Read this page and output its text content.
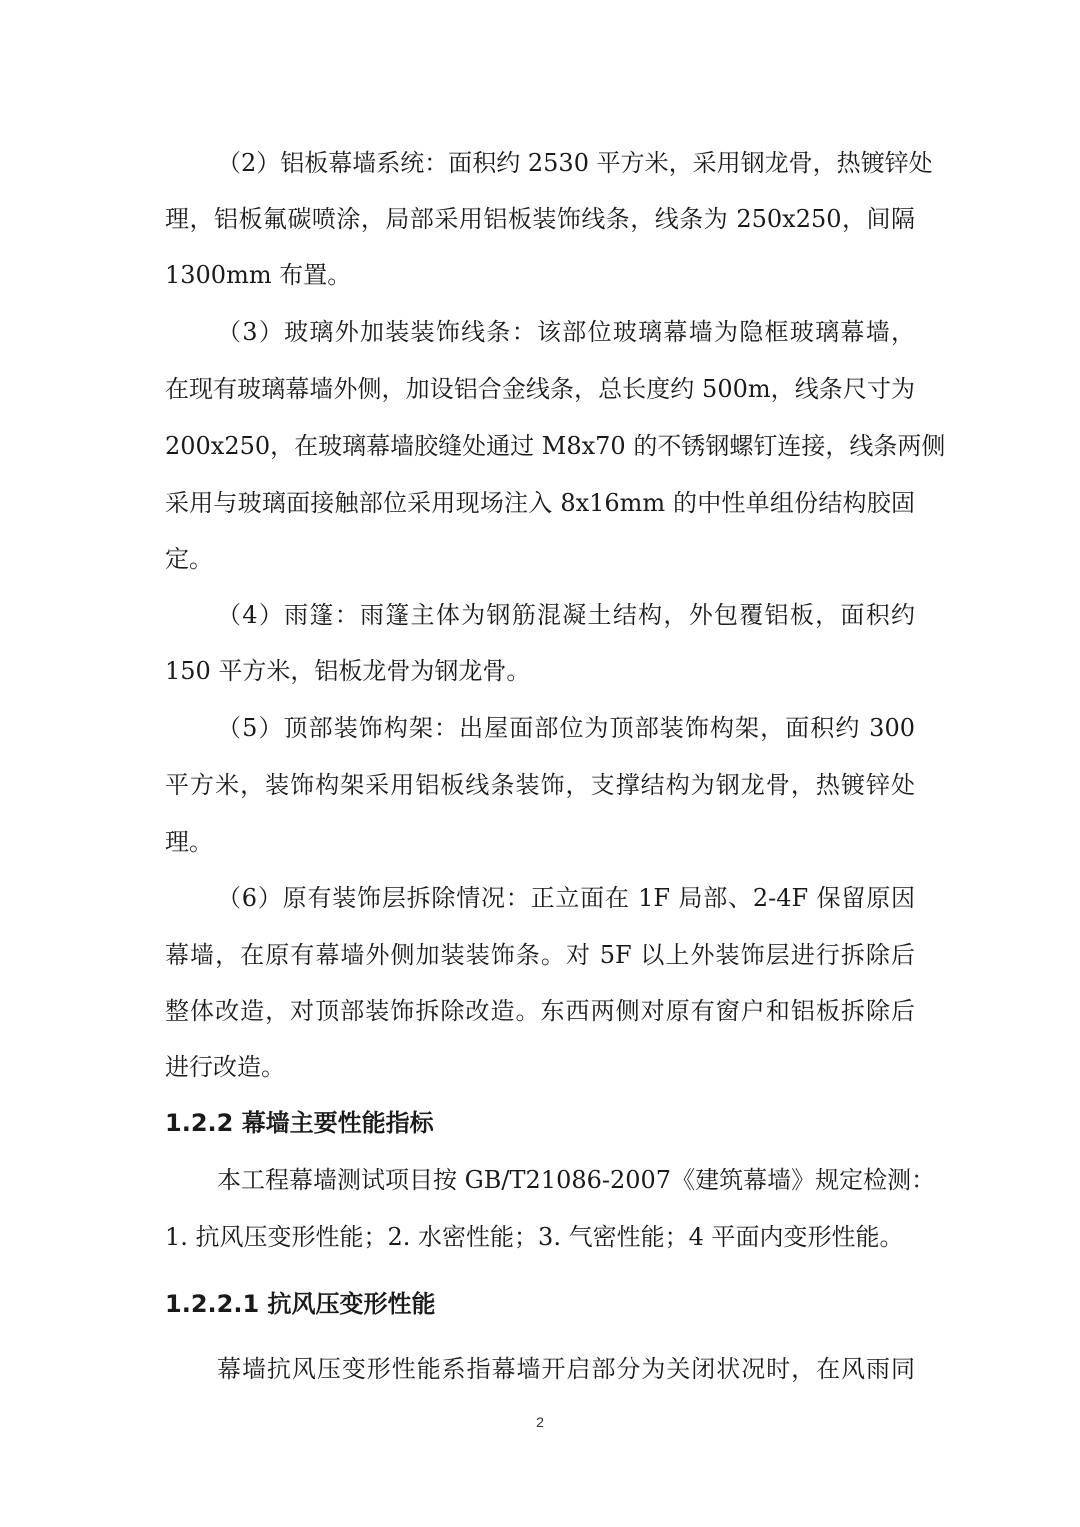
（2）铝板幕墙系统：面积约 2530 平方米，采用钢龙骨，热镀锌处
理，铝板氟碳喷涂，局部采用铝板装饰线条，线条为 250x250，间隔
1300mm 布置。
（3）玻璃外加装装饰线条：该部位玻璃幕墙为隐框玻璃幕墙，
在现有玻璃幕墙外侧，加设铝合金线条，总长度约 500m，线条尺寸为
200x250，在玻璃幕墙胶缝处通过 M8x70 的不锈钢螺钉连接，线条两侧
采用与玻璃面接触部位采用现场注入 8x16mm 的中性单组份结构胶固
定。
（4）雨篷：雨篷主体为钢筋混凝土结构，外包覆铝板，面积约
150 平方米，铝板龙骨为钢龙骨。
（5）顶部装饰构架：出屋面部位为顶部装饰构架，面积约 300
平方米，装饰构架采用铝板线条装饰，支撑结构为钢龙骨，热镀锌处
理。
（6）原有装饰层拆除情况：正立面在 1F 局部、2-4F 保留原因
幕墙，在原有幕墙外侧加装装饰条。对 5F 以上外装饰层进行拆除后
整体改造，对顶部装饰拆除改造。东西两侧对原有窗户和铝板拆除后
进行改造。
1.2.2 幕墙主要性能指标
本工程幕墙测试项目按 GB/T21086-2007《建筑幕墙》规定检测：
1. 抗风压变形性能；2. 水密性能；3. 气密性能；4 平面内变形性能。
1.2.2.1 抗风压变形性能
幕墙抗风压变形性能系指幕墙开启部分为关闭状况时，在风雨同
2
